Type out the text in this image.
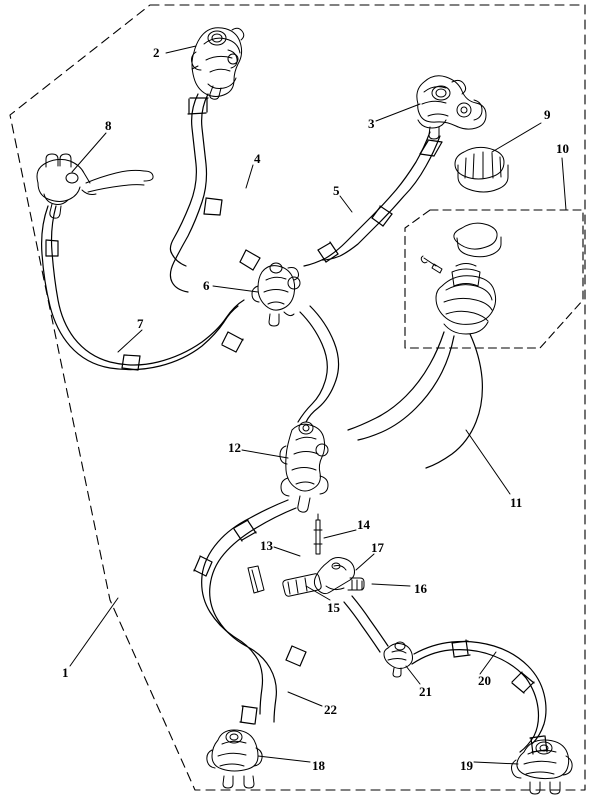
1
2
3
4
5
6
7
8
9
10
11
12
13
14
15
16
17
18	19
20
21
22
